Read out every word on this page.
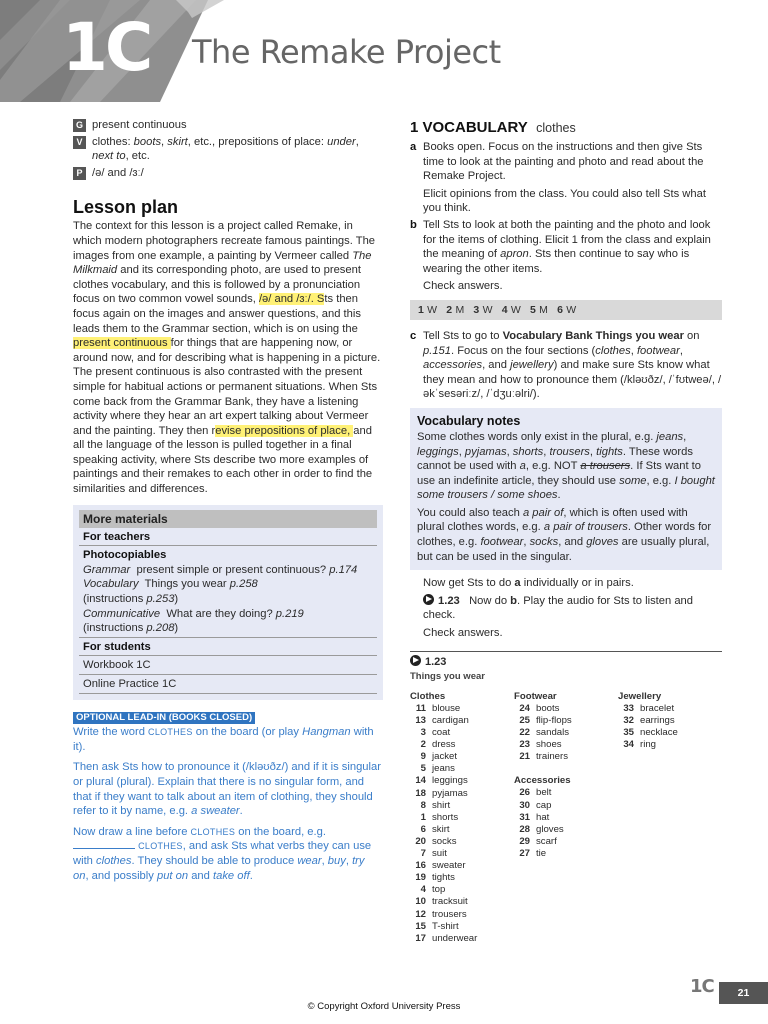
1C The Remake Project
G present continuous
V clothes: boots, skirt, etc., prepositions of place: under, next to, etc.
P /ə/ and /ɜː/
Lesson plan
The context for this lesson is a project called Remake, in which modern photographers recreate famous paintings. The images from one example, a painting by Vermeer called The Milkmaid and its corresponding photo, are used to present clothes vocabulary, and this is followed by a pronunciation focus on two common vowel sounds, /ə/ and /ɜː/. Sts then focus again on the images and answer questions, and this leads them to the Grammar section, which is on using the present continuous for things that are happening now, or around now, and for describing what is happening in a picture. The present continuous is also contrasted with the present simple for habitual actions or permanent situations. When Sts come back from the Grammar Bank, they have a listening activity where they hear an art expert talking about Vermeer and the painting. They then revise prepositions of place, and all the language of the lesson is pulled together in a final speaking activity, where Sts describe two more examples of paintings and their remakes to each other in order to find the similarities and differences.
More materials
For teachers
Photocopiables
Grammar  present simple or present continuous? p.174
Vocabulary  Things you wear p.258
(instructions p.253)
Communicative  What are they doing? p.219
(instructions p.208)
For students
Workbook 1C
Online Practice 1C
OPTIONAL LEAD-IN (BOOKS CLOSED)

Write the word CLOTHES on the board (or play Hangman with it).

Then ask Sts how to pronounce it (/kləʊðz/) and if it is singular or plural (plural). Explain that there is no singular form, and that if they want to talk about an item of clothing, they should refer to it by name, e.g. a sweater.

Now draw a line before CLOTHES on the board, e.g.  CLOTHES, and ask Sts what verbs they can use with clothes. They should be able to produce wear, buy, try on, and possibly put on and take off.

1 VOCABULARY clothes
a Books open. Focus on the instructions and then give Sts time to look at the painting and photo and read about the Remake Project.

Elicit opinions from the class. You could also tell Sts what you think.

b Tell Sts to look at both the painting and the photo and look for the items of clothing. Elicit 1 from the class and explain the meaning of apron. Sts then continue to say who is wearing the other items.

Check answers.

1 W 2 M 3 W 4 W 5 M 6 W
c Tell Sts to go to Vocabulary Bank Things you wear on p.151. Focus on the four sections (clothes, footwear, accessories, and jewellery) and make sure Sts know what they mean and how to pronounce them (/kləʊðz/, /ˈfʊtweə/, /əkˈsesəriːz/, /ˈdʒuːəlri/).
Vocabulary notes

Some clothes words only exist in the plural, e.g. jeans, leggings, pyjamas, shorts, trousers, tights. These words cannot be used with a, e.g. NOT a trousers. If Sts want to use an indefinite article, they should use some, e.g. I bought some trousers / some shoes.

You could also teach a pair of, which is often used with plural clothes words, e.g. a pair of trousers. Other words for clothes, e.g. footwear, socks, and gloves are usually plural, but can be used in the singular.

Now get Sts to do a individually or in pairs.

1.23   Now do b. Play the audio for Sts to listen and check.

Check answers.

1.23
Things you wear
Clothes
11 blouse
13 cardigan
3 coat
2 dress
9 jacket
5 jeans
14 leggings
18 pyjamas
8 shirt
1 shorts
6 skirt
20 socks
7 suit
16 sweater
19 tights
4 top
10 tracksuit
12 trousers
15 T-shirt
17 underwear
Footwear
24 boots
25 flip-flops
22 sandals
23 shoes
21 trainers
Accessories
26 belt
30 cap
31 hat
28 gloves
29 scarf
27 tie
Jewellery
33 bracelet
32 earrings
35 necklace
34 ring
© Copyright Oxford University Press
1C	21
